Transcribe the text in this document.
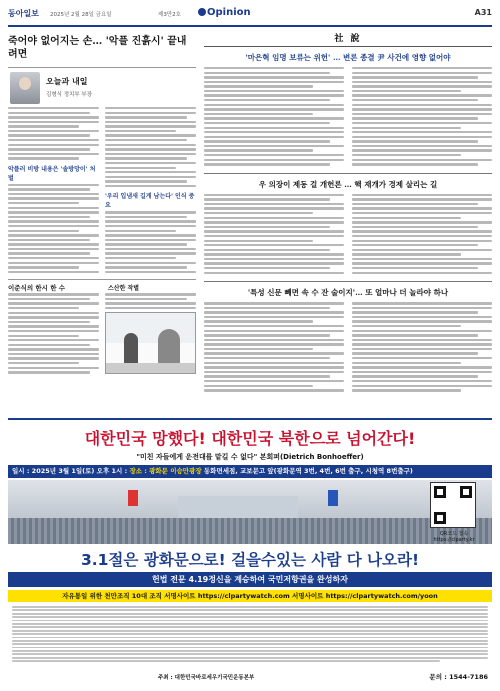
동아일보 2025년 2월 28일 금요일	제3만2호	Opinion	A31
죽어야 없어지는 손… '악플 진흙시' 끝내려면
오늘과 내일
김형식 정치부 부장
악플러 비방 내용은 '솔방망이' 처벌
'우리 입냄새 길게 남는다' 인식 중요
이준식의 한시 한 수	스산한 작별
社 說
'마은혁 임명 보류는 위헌' … 변론 종결 尹 사건에 영향 없어야
우 의장이 제동 걸 개헌론 … 핵 재개가 경제 살리는 길
'특성 신문 빼면 속 수 잔 술이지'… 또 얼마나 더 놀라야 하나
대한민국 망했다! 대한민국 북한으로 넘어간다!
"미친 자들에게 운전대를 맡길 수 없다" 본회퍼(Dietrich Bonhoeffer)
일시 : 2025년 3월 1일(토) 오후 1시 : 장소 : 광화문 이승만광장 동화면세점, 교보문고 앞(광화문역 3번, 4번, 6번 출구, 시청역 8번출구)
QR코드 접속 https://clparty.kr
3.1절은 광화문으로! 걸을수있는 사람 다 나오라!
헌법 전문 4.19정신을 계승하여 국민저항권을 완성하자
자유통일 위한 천만조직 10대 조직 서명사이트 https://clpartywatch.com 서명사이트 https://clpartywatch.com/yoon
주최 : 대한민국바로세우기국민운동본부	문의 : 1544-7186
